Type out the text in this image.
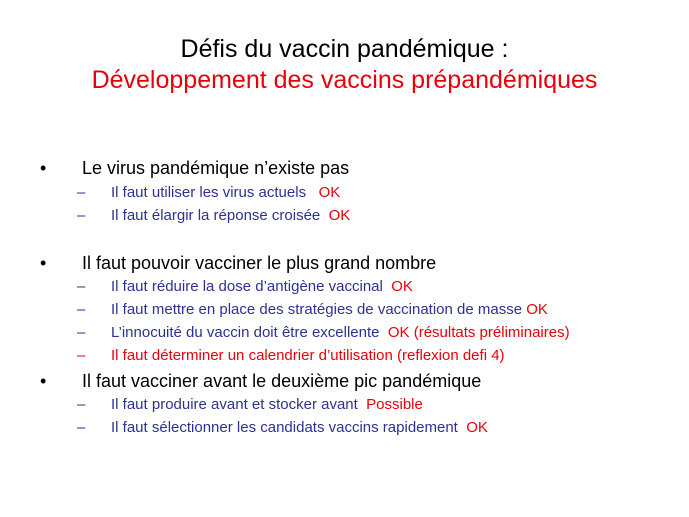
Défis du vaccin pandémique :
Développement des vaccins prépandémiques
• Le virus pandémique n’existe pas
– Il faut utiliser les virus actuels OK
– Il faut élargir la réponse croisée OK
• Il faut pouvoir vacciner le plus grand nombre
– Il faut réduire la dose d’antigène vaccinal OK
– Il faut mettre en place des stratégies de vaccination de masse OK
– L’innocuité du vaccin doit être excellente OK (résultats préliminaires)
– Il faut déterminer un calendrier d’utilisation (reflexion defi 4)
• Il faut vacciner avant le deuxième pic pandémique
– Il faut produire avant et stocker avant Possible
– Il faut sélectionner les candidats vaccins rapidement OK
